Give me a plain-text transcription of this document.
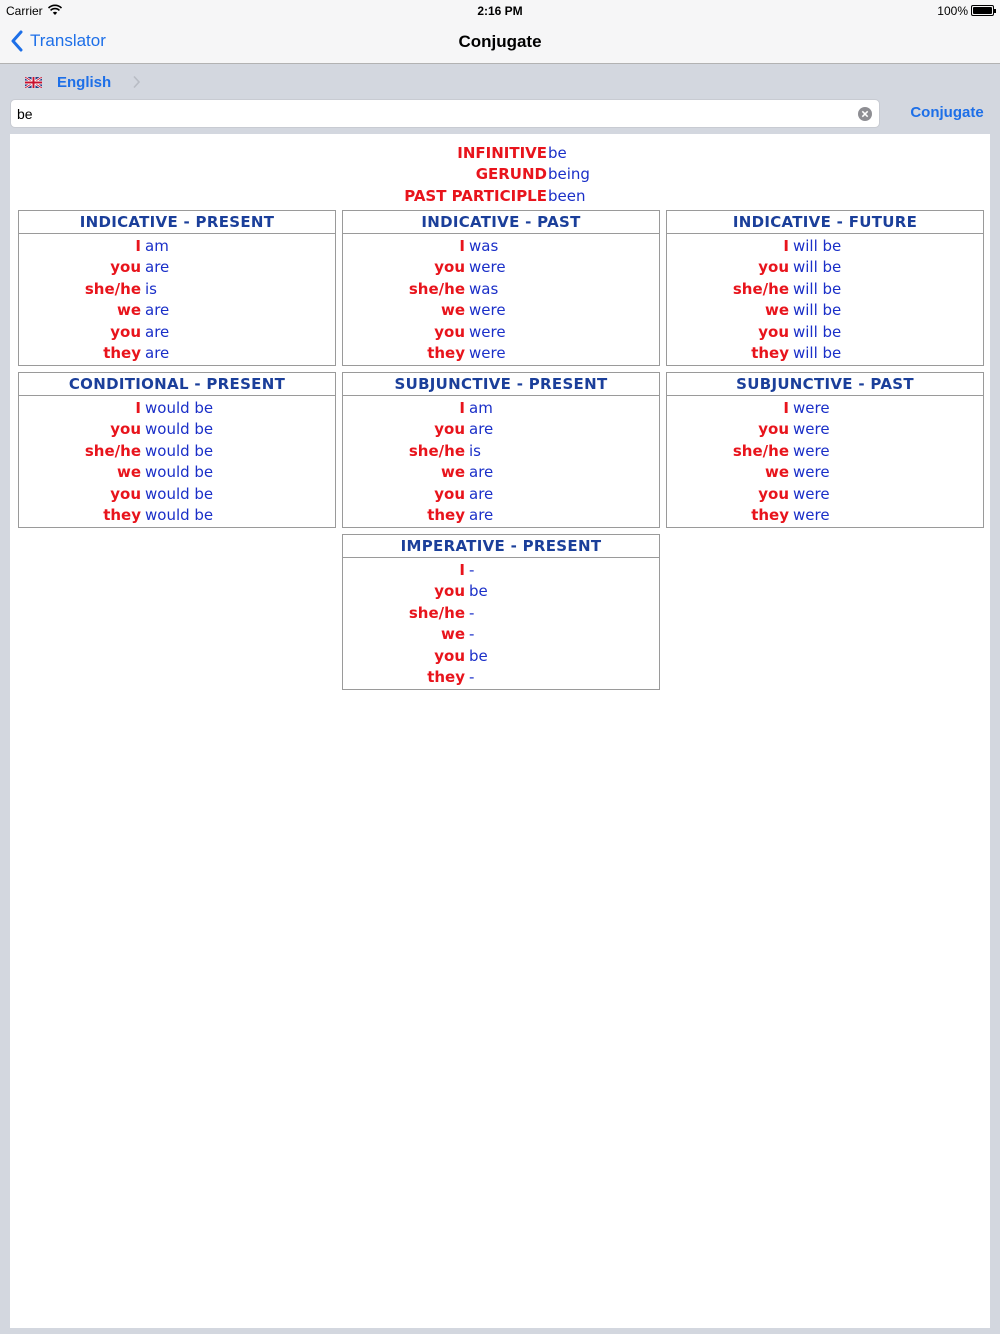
Carrier	2:16 PM	100%
Translator	Conjugate
English
be
Conjugate
INFINITIVE be
GERUND being
PAST PARTICIPLE been
INDICATIVE - PRESENT
I am
you are
she/he is
we are
you are
they are
INDICATIVE - PAST
I was
you were
she/he was
we were
you were
they were
INDICATIVE - FUTURE
I will be
you will be
she/he will be
we will be
you will be
they will be
CONDITIONAL - PRESENT
I would be
you would be
she/he would be
we would be
you would be
they would be
SUBJUNCTIVE - PRESENT
I am
you are
she/he is
we are
you are
they are
SUBJUNCTIVE - PAST
I were
you were
she/he were
we were
you were
they were
IMPERATIVE - PRESENT
I -
you be
she/he -
we -
you be
they -
